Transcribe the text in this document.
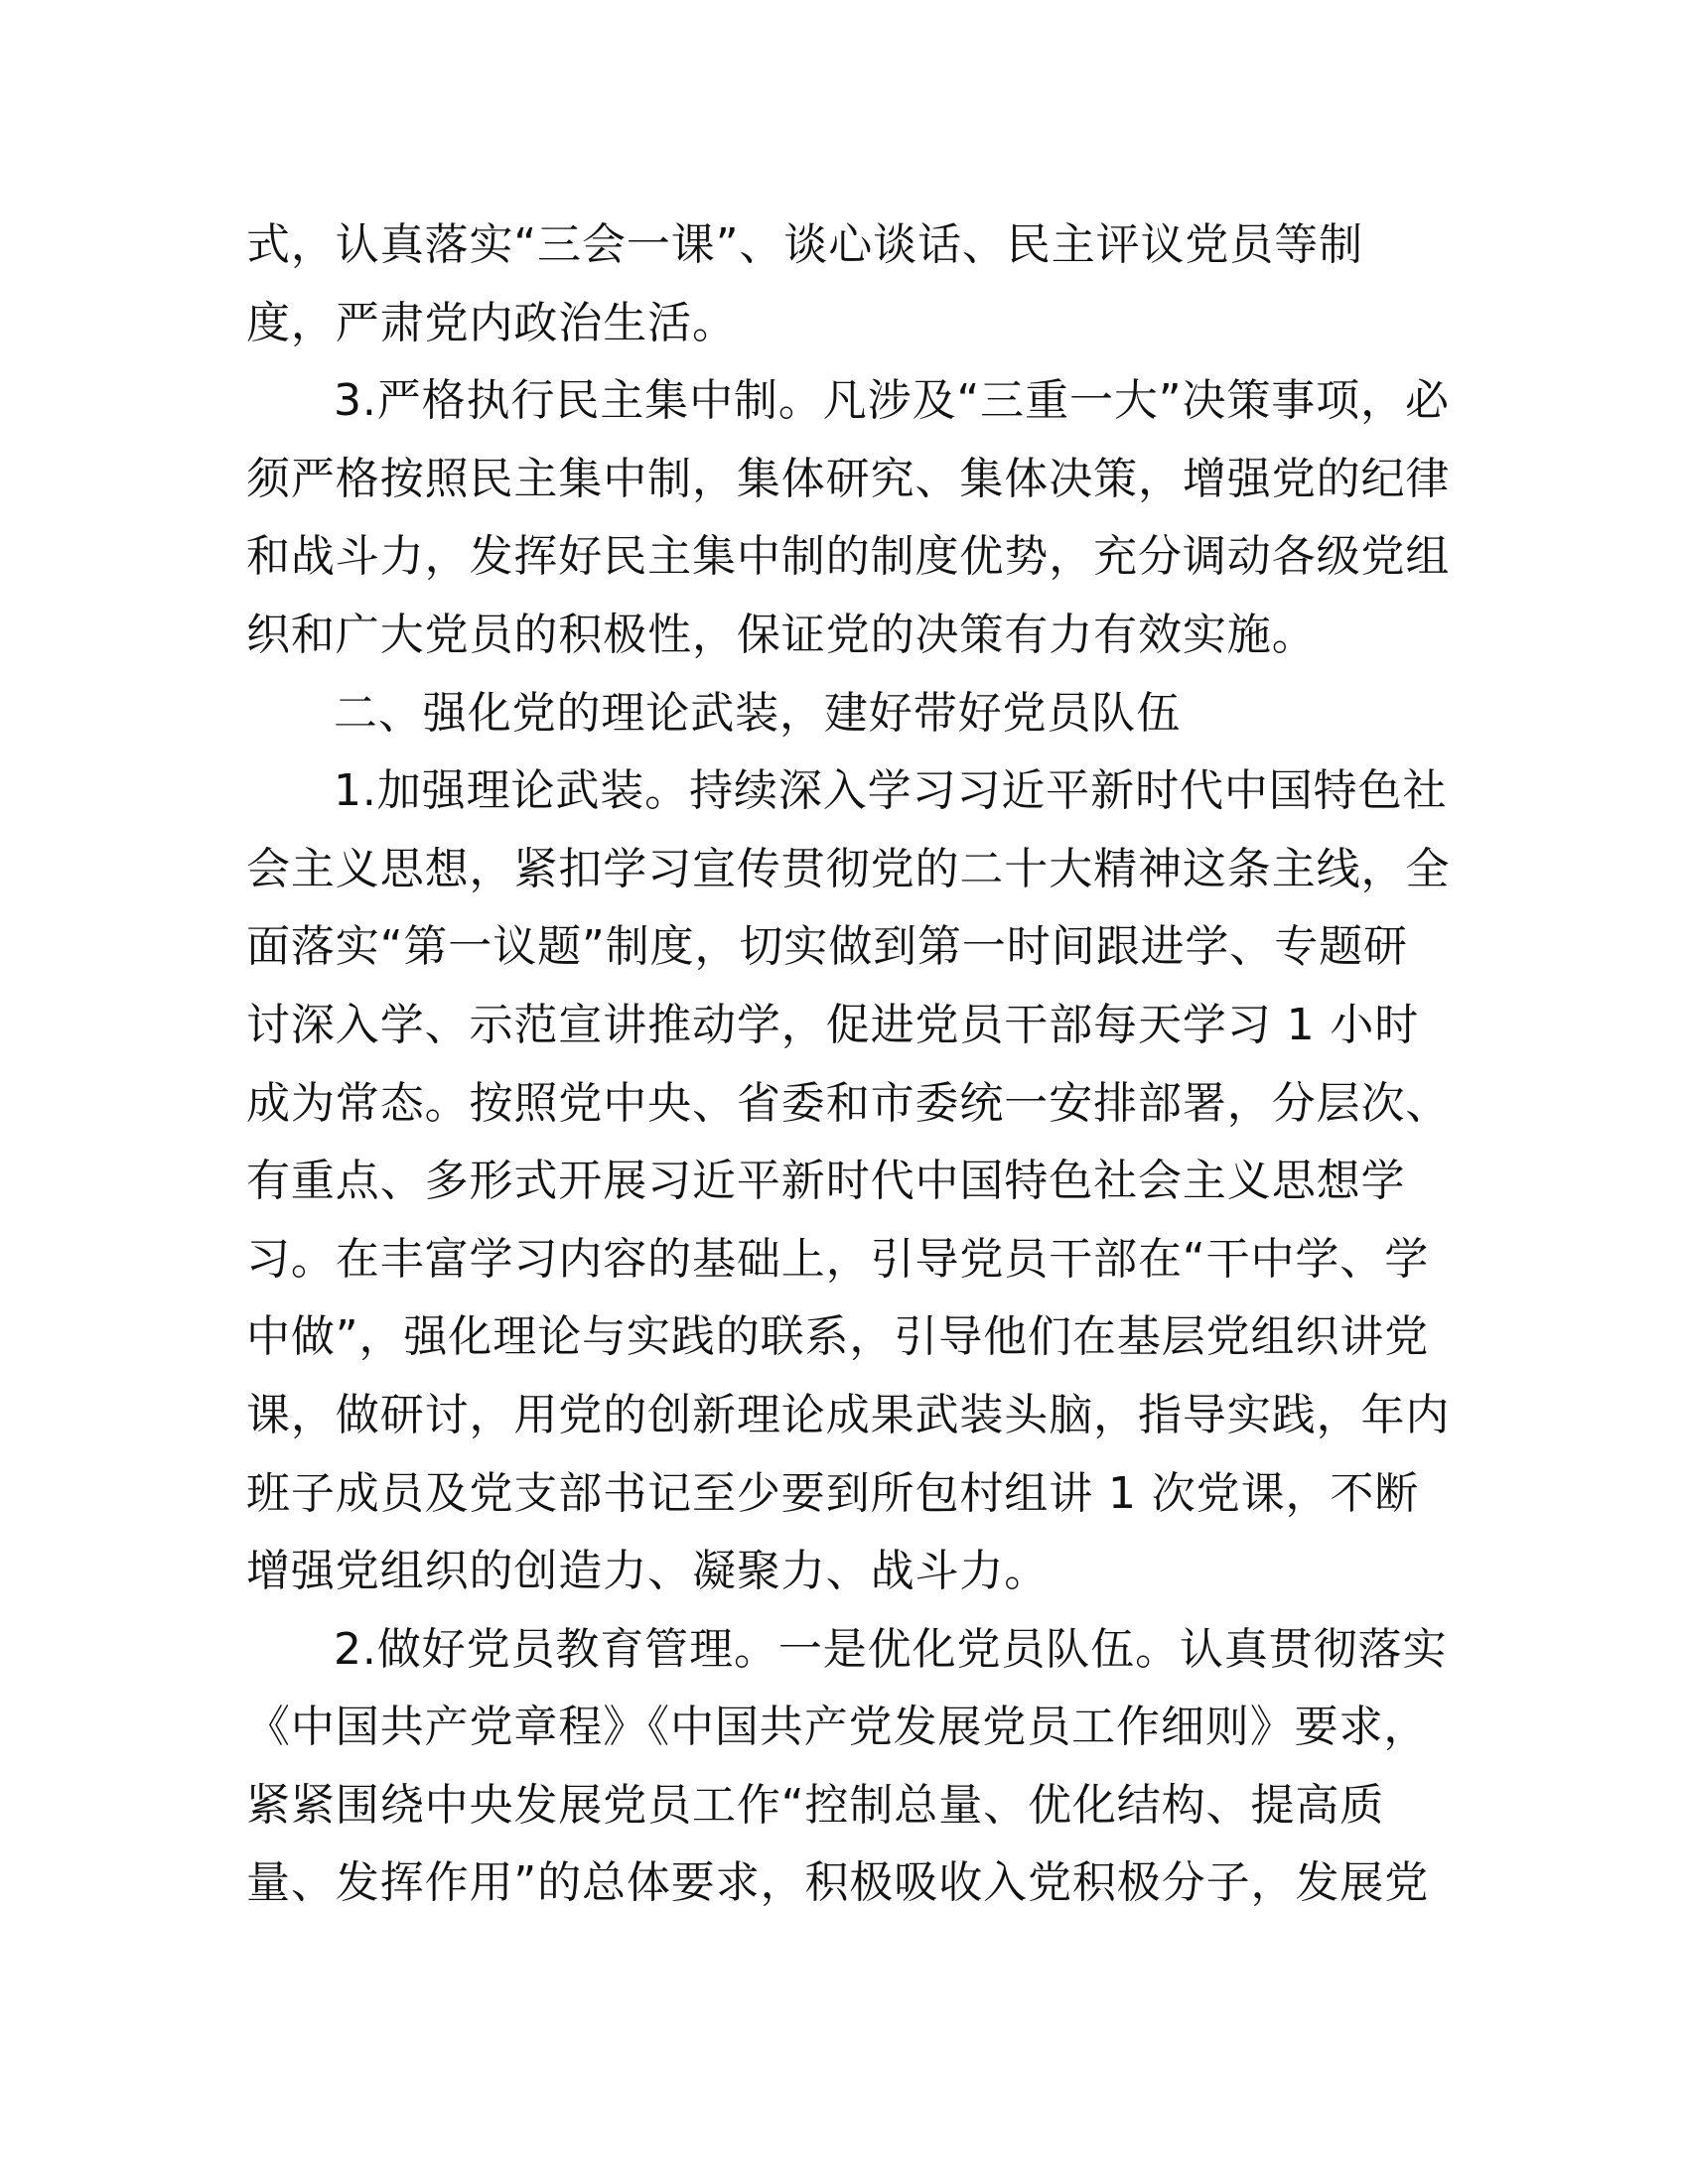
式，认真落实“三会一课”、谈心谈话、民主评议党员等制
度，严肃党内政治生活。

3.严格执行民主集中制。凡涉及“三重一大”决策事项，必
须严格按照民主集中制，集体研究、集体决策，增强党的纪律
和战斗力，发挥好民主集中制的制度优势，充分调动各级党组
织和广大党员的积极性，保证党的决策有力有效实施。

二、强化党的理论武装，建好带好党员队伍

1.加强理论武装。持续深入学习习近平新时代中国特色社
会主义思想，紧扣学习宣传贯彻党的二十大精神这条主线，全
面落实“第一议题”制度，切实做到第一时间跟进学、专题研
讨深入学、示范宣讲推动学，促进党员干部每天学习 1 小时
成为常态。按照党中央、省委和市委统一安排部署，分层次、
有重点、多形式开展习近平新时代中国特色社会主义思想学
习。在丰富学习内容的基础上，引导党员干部在“干中学、学
中做”，强化理论与实践的联系，引导他们在基层党组织讲党
课，做研讨，用党的创新理论成果武装头脑，指导实践，年内
班子成员及党支部书记至少要到所包村组讲 1 次党课，不断
增强党组织的创造力、凝聚力、战斗力。

2.做好党员教育管理。一是优化党员队伍。认真贯彻落实
《中国共产党章程》《中国共产党发展党员工作细则》要求，
紧紧围绕中央发展党员工作“控制总量、优化结构、提高质
量、发挥作用”的总体要求，积极吸收入党积极分子，发展党
